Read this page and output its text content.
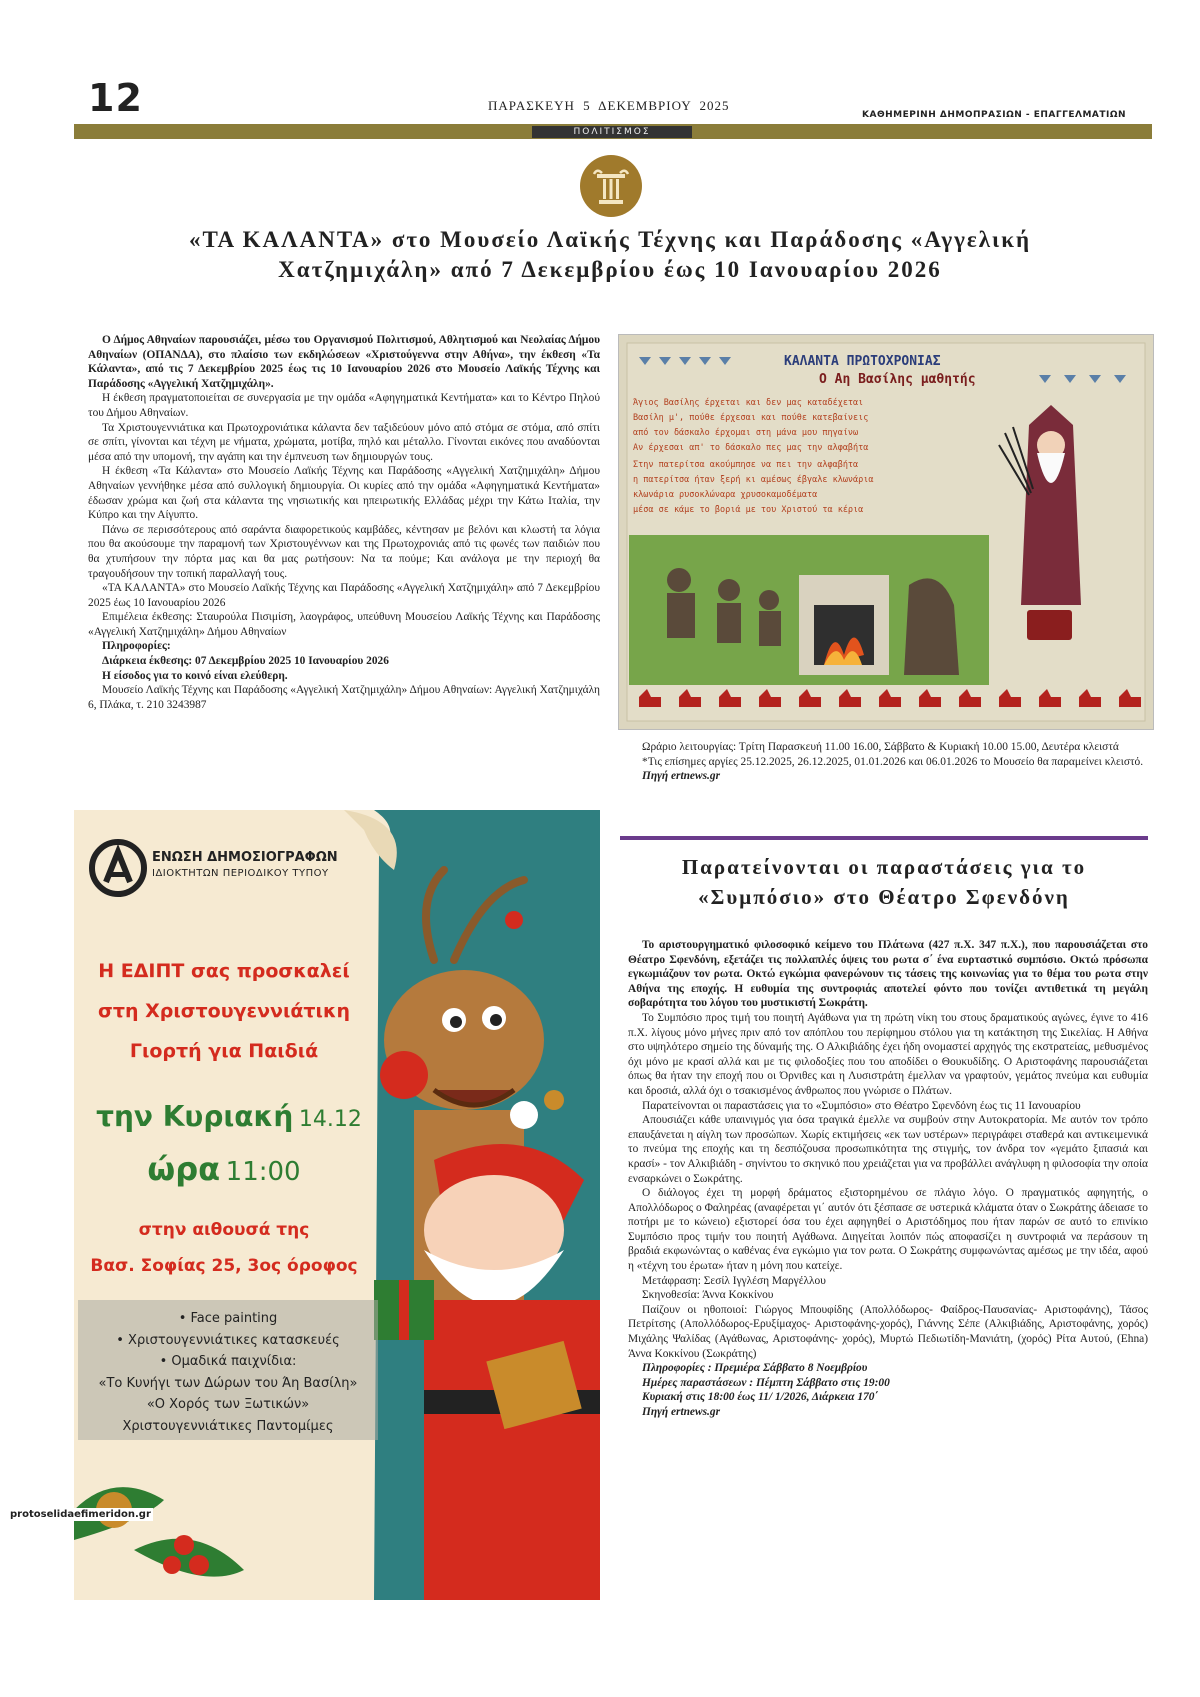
12	ΠΑΡΑΣΚΕΥΗ 5 ΔΕΚΕΜΒΡΙΟΥ 2025
ΚΑΘΗΜΕΡΙΝΗ ΔΗΜΟΠΡΑΣΙΩΝ - ΕΠΑΓΓΕΛΜΑΤΙΩΝ
ΠΟΛΙΤΙΣΜΟΣ
«ΤΑ ΚΑΛΑΝΤΑ» στο Μουσείο Λαϊκής Τέχνης και Παράδοσης «Αγγελική Χατζημιχάλη» από 7 Δεκεμβρίου έως 10 Ιανουαρίου 2026

Ο Δήμος Αθηναίων παρουσιάζει, μέσω του Οργανισμού Πολιτισμού, Αθλητισμού και Νεολαίας Δήμου Αθηναίων (ΟΠΑΝΔΑ), στο πλαίσιο των εκδηλώσεων «Χριστούγεννα στην Αθήνα», την έκθεση «Τα Κάλαντα», από τις 7 Δεκεμβρίου 2025 έως τις 10 Ιανουαρίου 2026 στο Μουσείο Λαϊκής Τέχνης και Παράδοσης «Αγγελική Χατζημιχάλη».

Η έκθεση πραγματοποιείται σε συνεργασία με την ομάδα «Αφηγηματικά Κεντήματα» και το Κέντρο Πηλού του Δήμου Αθηναίων.

Τα Χριστουγεννιάτικα και Πρωτοχρονιάτικα κάλαντα δεν ταξιδεύουν μόνο από στόμα σε στόμα, από σπίτι σε σπίτι, γίνονται και τέχνη με νήματα, χρώματα, μοτίβα, πηλό και μέταλλο. Γίνονται εικόνες που αναδύονται μέσα από την υπομονή, την αγάπη και την έμπνευση των δημιουργών τους.

Η έκθεση «Τα Κάλαντα» στο Μουσείο Λαϊκής Τέχνης και Παράδοσης «Αγγελική Χατζημιχάλη» Δήμου Αθηναίων γεννήθηκε μέσα από συλλογική δημιουργία. Οι κυρίες από την ομάδα «Αφηγηματικά Κεντήματα» έδωσαν χρώμα και ζωή στα κάλαντα της νησιωτικής και ηπειρωτικής Ελλάδας μέχρι την Κάτω Ιταλία, την Κύπρο και την Αίγυπτο.

Πάνω σε περισσότερους από σαράντα διαφορετικούς καμβάδες, κέντησαν με βελόνι και κλωστή τα λόγια που θα ακούσουμε την παραμονή των Χριστουγέννων και της Πρωτοχρονιάς από τις φωνές των παιδιών που θα χτυπήσουν την πόρτα μας και θα μας ρωτήσουν: Να τα πούμε; Και ανάλογα με την περιοχή θα τραγουδήσουν την τοπική παραλλαγή τους.

«ΤΑ ΚΑΛΑΝΤΑ» στο Μουσείο Λαϊκής Τέχνης και Παράδοσης «Αγγελική Χατζημιχάλη» από 7 Δεκεμβρίου 2025 έως 10 Ιανουαρίου 2026

Επιμέλεια έκθεσης: Σταυρούλα Πισιμίση, λαογράφος, υπεύθυνη Μουσείου Λαϊκής Τέχνης και Παράδοσης «Αγγελική Χατζημιχάλη» Δήμου Αθηναίων

Πληροφορίες:

Διάρκεια έκθεσης: 07 Δεκεμβρίου 2025 10 Ιανουαρίου 2026

Η είσοδος για το κοινό είναι ελεύθερη.

Μουσείο Λαϊκής Τέχνης και Παράδοσης «Αγγελική Χατζημιχάλη» Δήμου Αθηναίων: Αγγελική Χατζημιχάλη 6, Πλάκα, τ. 210 3243987

ΚΑΛΑΝΤΑ ΠΡΩΤΟΧΡΟΝΙΑΣ
Ο Αη Βασίλης μαθητής
Άγιος Βασίλης έρχεται και δεν μας καταδέχεται
Βασίλη μ', πούθε έρχεσαι και πούθε κατεβαίνεις
από τον δάσκαλο έρχομαι στη μάνα μου πηγαίνω
Αν έρχεσαι απ' το δάσκαλο πες μας την αλφαβήτα
Στην πατερίτσα ακούμπησε να πει την αλφαβήτα
η πατερίτσα ήταν ξερή κι αμέσως έβγαλε κλωνάρια
κλωνάρια ρυσοκλώναρα χρυσοκαμοδέματα
μέσα σε κάμε το βοριά με του Χριστού τα κέρια

Ωράριο λειτουργίας: Τρίτη Παρασκευή 11.00 16.00, Σάββατο & Κυριακή 10.00 15.00, Δευτέρα κλειστά

*Τις επίσημες αργίες 25.12.2025, 26.12.2025, 01.01.2026 και 06.01.2026 το Μουσείο θα παραμείνει κλειστό.

Πηγή ertnews.gr

Παρατείνονται οι παραστάσεις για το «Συμπόσιο» στο Θέατρο Σφενδόνη

Το αριστουργηματικό φιλοσοφικό κείμενο του Πλάτωνα (427 π.Χ. 347 π.Χ.), που παρουσιάζεται στο Θέατρο Σφενδόνη, εξετάζει τις πολλαπλές όψεις του ρωτα σ΄ ένα ευρταστικό συμπόσιο. Οκτώ πρόσωπα εγκωμιάζουν τον ρωτα. Οκτώ εγκώμια φανερώνουν τις τάσεις της κοινωνίας για το θέμα του ρωτα στην Αθήνα της εποχής. Η ευθυμία της συντροφιάς αποτελεί φόντο που τονίζει αντιθετικά τη μεγάλη σοβαρότητα του λόγου του μυστικιστή Σωκράτη.

Το Συμπόσιο προς τιμή του ποιητή Αγάθωνα για τη πρώτη νίκη του στους δραματικούς αγώνες, έγινε το 416 π.Χ. λίγους μόνο μήνες πριν από τον απόπλου του περίφημου στόλου για τη κατάκτηση της Σικελίας. Η Αθήνα στο υψηλότερο σημείο της δύναμής της. Ο Αλκιβιάδης έχει ήδη ονομαστεί αρχηγός της εκστρατείας, μεθυσμένος όχι μόνο με κρασί αλλά και με τις φιλοδοξίες που του αποδίδει ο Θουκυδίδης. Ο Αριστοφάνης παρουσιάζεται όπως θα ήταν την εποχή που οι Όρνιθες και η Λυσιστράτη έμελλαν να γραφτούν, γεμάτος πνεύμα και ευθυμία και δροσιά, αλλά όχι ο τσακισμένος άνθρωπος που γνώρισε ο Πλάτων.

Παρατείνονται οι παραστάσεις για το «Συμπόσιο» στο Θέατρο Σφενδόνη έως τις 11 Ιανουαρίου

Απουσιάζει κάθε υπαινιγμός για όσα τραγικά έμελλε να συμβούν στην Αυτοκρατορία. Με αυτόν τον τρόπο επαυξάνεται η αίγλη των προσώπων. Χωρίς εκτιμήσεις «εκ των υστέρων» περιγράφει σταθερά και αντικειμενικά το πνεύμα της εποχής και τη δεσπόζουσα προσωπικότητα της στιγμής, τον άνδρα τον «γεμάτο ξιπασιά και κρασί» - τον Αλκιβιάδη - σηνίντου το σκηνικό που χρειάζεται για να προβάλλει ανάγλυφη η φιλοσοφία την οποία ενσαρκώνει ο Σωκράτης.

Ο διάλογος έχει τη μορφή δράματος εξιστορημένου σε πλάγιο λόγο. Ο πραγματικός αφηγητής, ο Απολλόδωρος ο Φαληρέας (αναφέρεται γι΄ αυτόν ότι ξέσπασε σε υστερικά κλάματα όταν ο Σωκράτης άδειασε το ποτήρι με το κώνειο) εξιστορεί όσα του έχει αφηγηθεί ο Αριστόδημος που ήταν παρών σε αυτό το επινίκιο Συμπόσιο προς τιμήν του ποιητή Αγάθωνα. Διηγείται λοιπόν πώς αποφασίζει η συντροφιά να περάσουν τη βραδιά εκφωνώντας ο καθένας ένα εγκώμιο για τον ρωτα. Ο Σωκράτης συμφωνώντας αμέσως με την ιδέα, αφού η «τέχνη του έρωτα» ήταν η μόνη που κατείχε.

Μετάφραση: Σεσίλ Ιγγλέση Μαργέλλου

Σκηνοθεσία: Άννα Κοκκίνου

Παίζουν οι ηθοποιοί: Γιώργος Μπουφίδης (Απολλόδωρος- Φαίδρος-Παυσανίας- Αριστοφάνης), Τάσος Πετρίτσης (Απολλόδωρος-Ερυξίμαχος- Αριστοφάνης-χορός), Γιάννης Σέπε (Αλκιβιάδης, Αριστοφάνης, χορός) Μιχάλης Ψαλίδας (Αγάθωνας, Αριστοφάνης- χορός), Μυρτώ Πεδιωτίδη-Μανιάτη, (χορός) Ρίτα Αυτού, (Εhna) Άννα Κοκκίνου (Σωκράτης)

Πληροφορίες : Πρεμιέρα Σάββατο 8 Νοεμβρίου

Ημέρες παραστάσεων : Πέμπτη Σάββατο στις 19:00

Κυριακή στις 18:00 έως 11/ 1/2026, Διάρκεια 170΄

Πηγή ertnews.gr

ΕΝΩΣΗ ΔΗΜΟΣΙΟΓΡΑΦΩΝ
ΙΔΙΟΚΤΗΤΩΝ ΠΕΡΙΟΔΙΚΟΥ ΤΥΠΟΥ
Η ΕΔΙΠΤ σας προσκαλεί
στη Χριστουγεννιάτικη
Γιορτή για Παιδιά
την Κυριακή 14.12
ώρα 11:00
στην αιθουσά της
Βασ. Σοφίας 25, 3ος όροφος
• Face painting
• Χριστουγεννιάτικες κατασκευές
• Ομαδικά παιχνίδια:
«Το Κυνήγι των Δώρων του Άη Βασίλη»
«Ο Χορός των Ξωτικών»
Χριστουγεννιάτικες Παντομίμες
protoselidaefimeridon.gr
